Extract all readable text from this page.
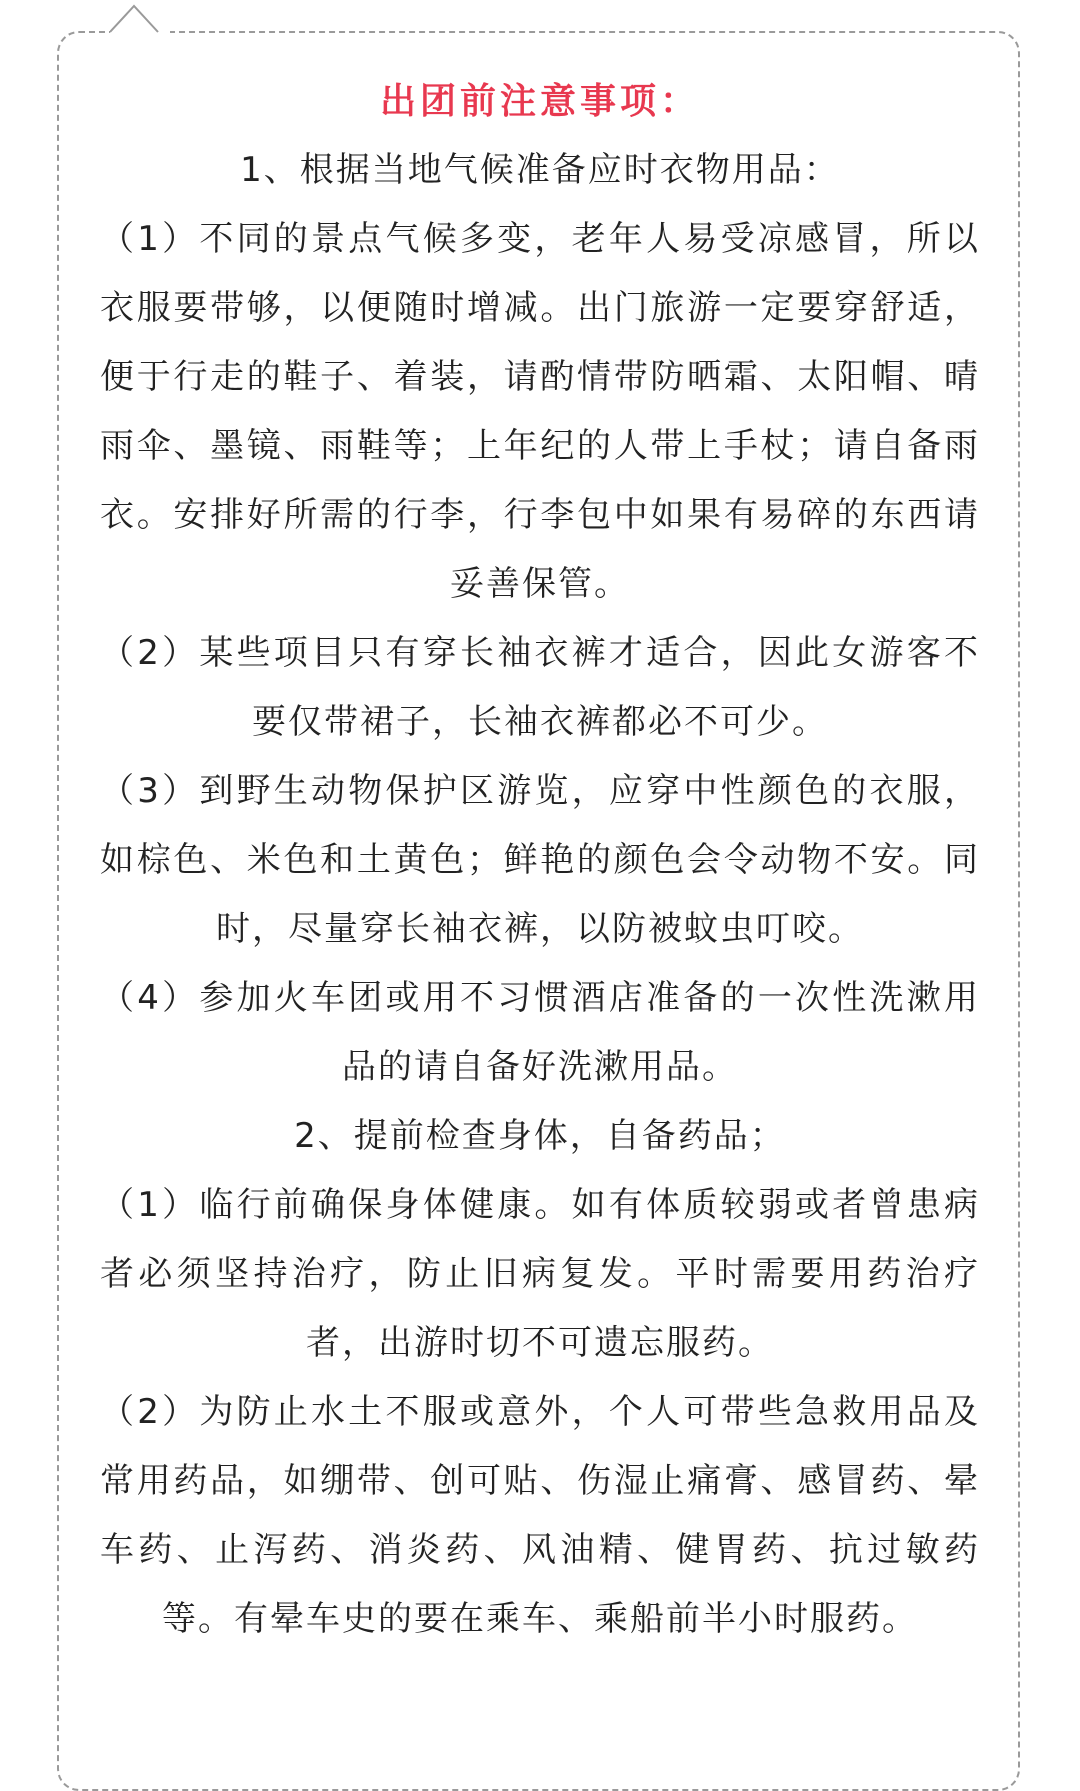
出团前注意事项：

1、根据当地气候准备应时衣物用品：

（1）不同的景点气候多变，老年人易受凉感冒，所以衣服要带够，以便随时增减。出门旅游一定要穿舒适，便于行走的鞋子、着装，请酌情带防晒霜、太阳帽、晴雨伞、墨镜、雨鞋等；上年纪的人带上手杖；请自备雨衣。安排好所需的行李，行李包中如果有易碎的东西请妥善保管。

（2）某些项目只有穿长袖衣裤才适合，因此女游客不要仅带裙子，长袖衣裤都必不可少。

（3）到野生动物保护区游览，应穿中性颜色的衣服，如棕色、米色和土黄色；鲜艳的颜色会令动物不安。同时，尽量穿长袖衣裤，以防被蚊虫叮咬。

（4）参加火车团或用不习惯酒店准备的一次性洗漱用品的请自备好洗漱用品。

2、提前检查身体，自备药品；

（1）临行前确保身体健康。如有体质较弱或者曾患病者必须坚持治疗，防止旧病复发。平时需要用药治疗者，出游时切不可遗忘服药。

（2）为防止水土不服或意外，个人可带些急救用品及常用药品，如绷带、创可贴、伤湿止痛膏、感冒药、晕车药、止泻药、消炎药、风油精、健胃药、抗过敏药等。有晕车史的要在乘车、乘船前半小时服药。
